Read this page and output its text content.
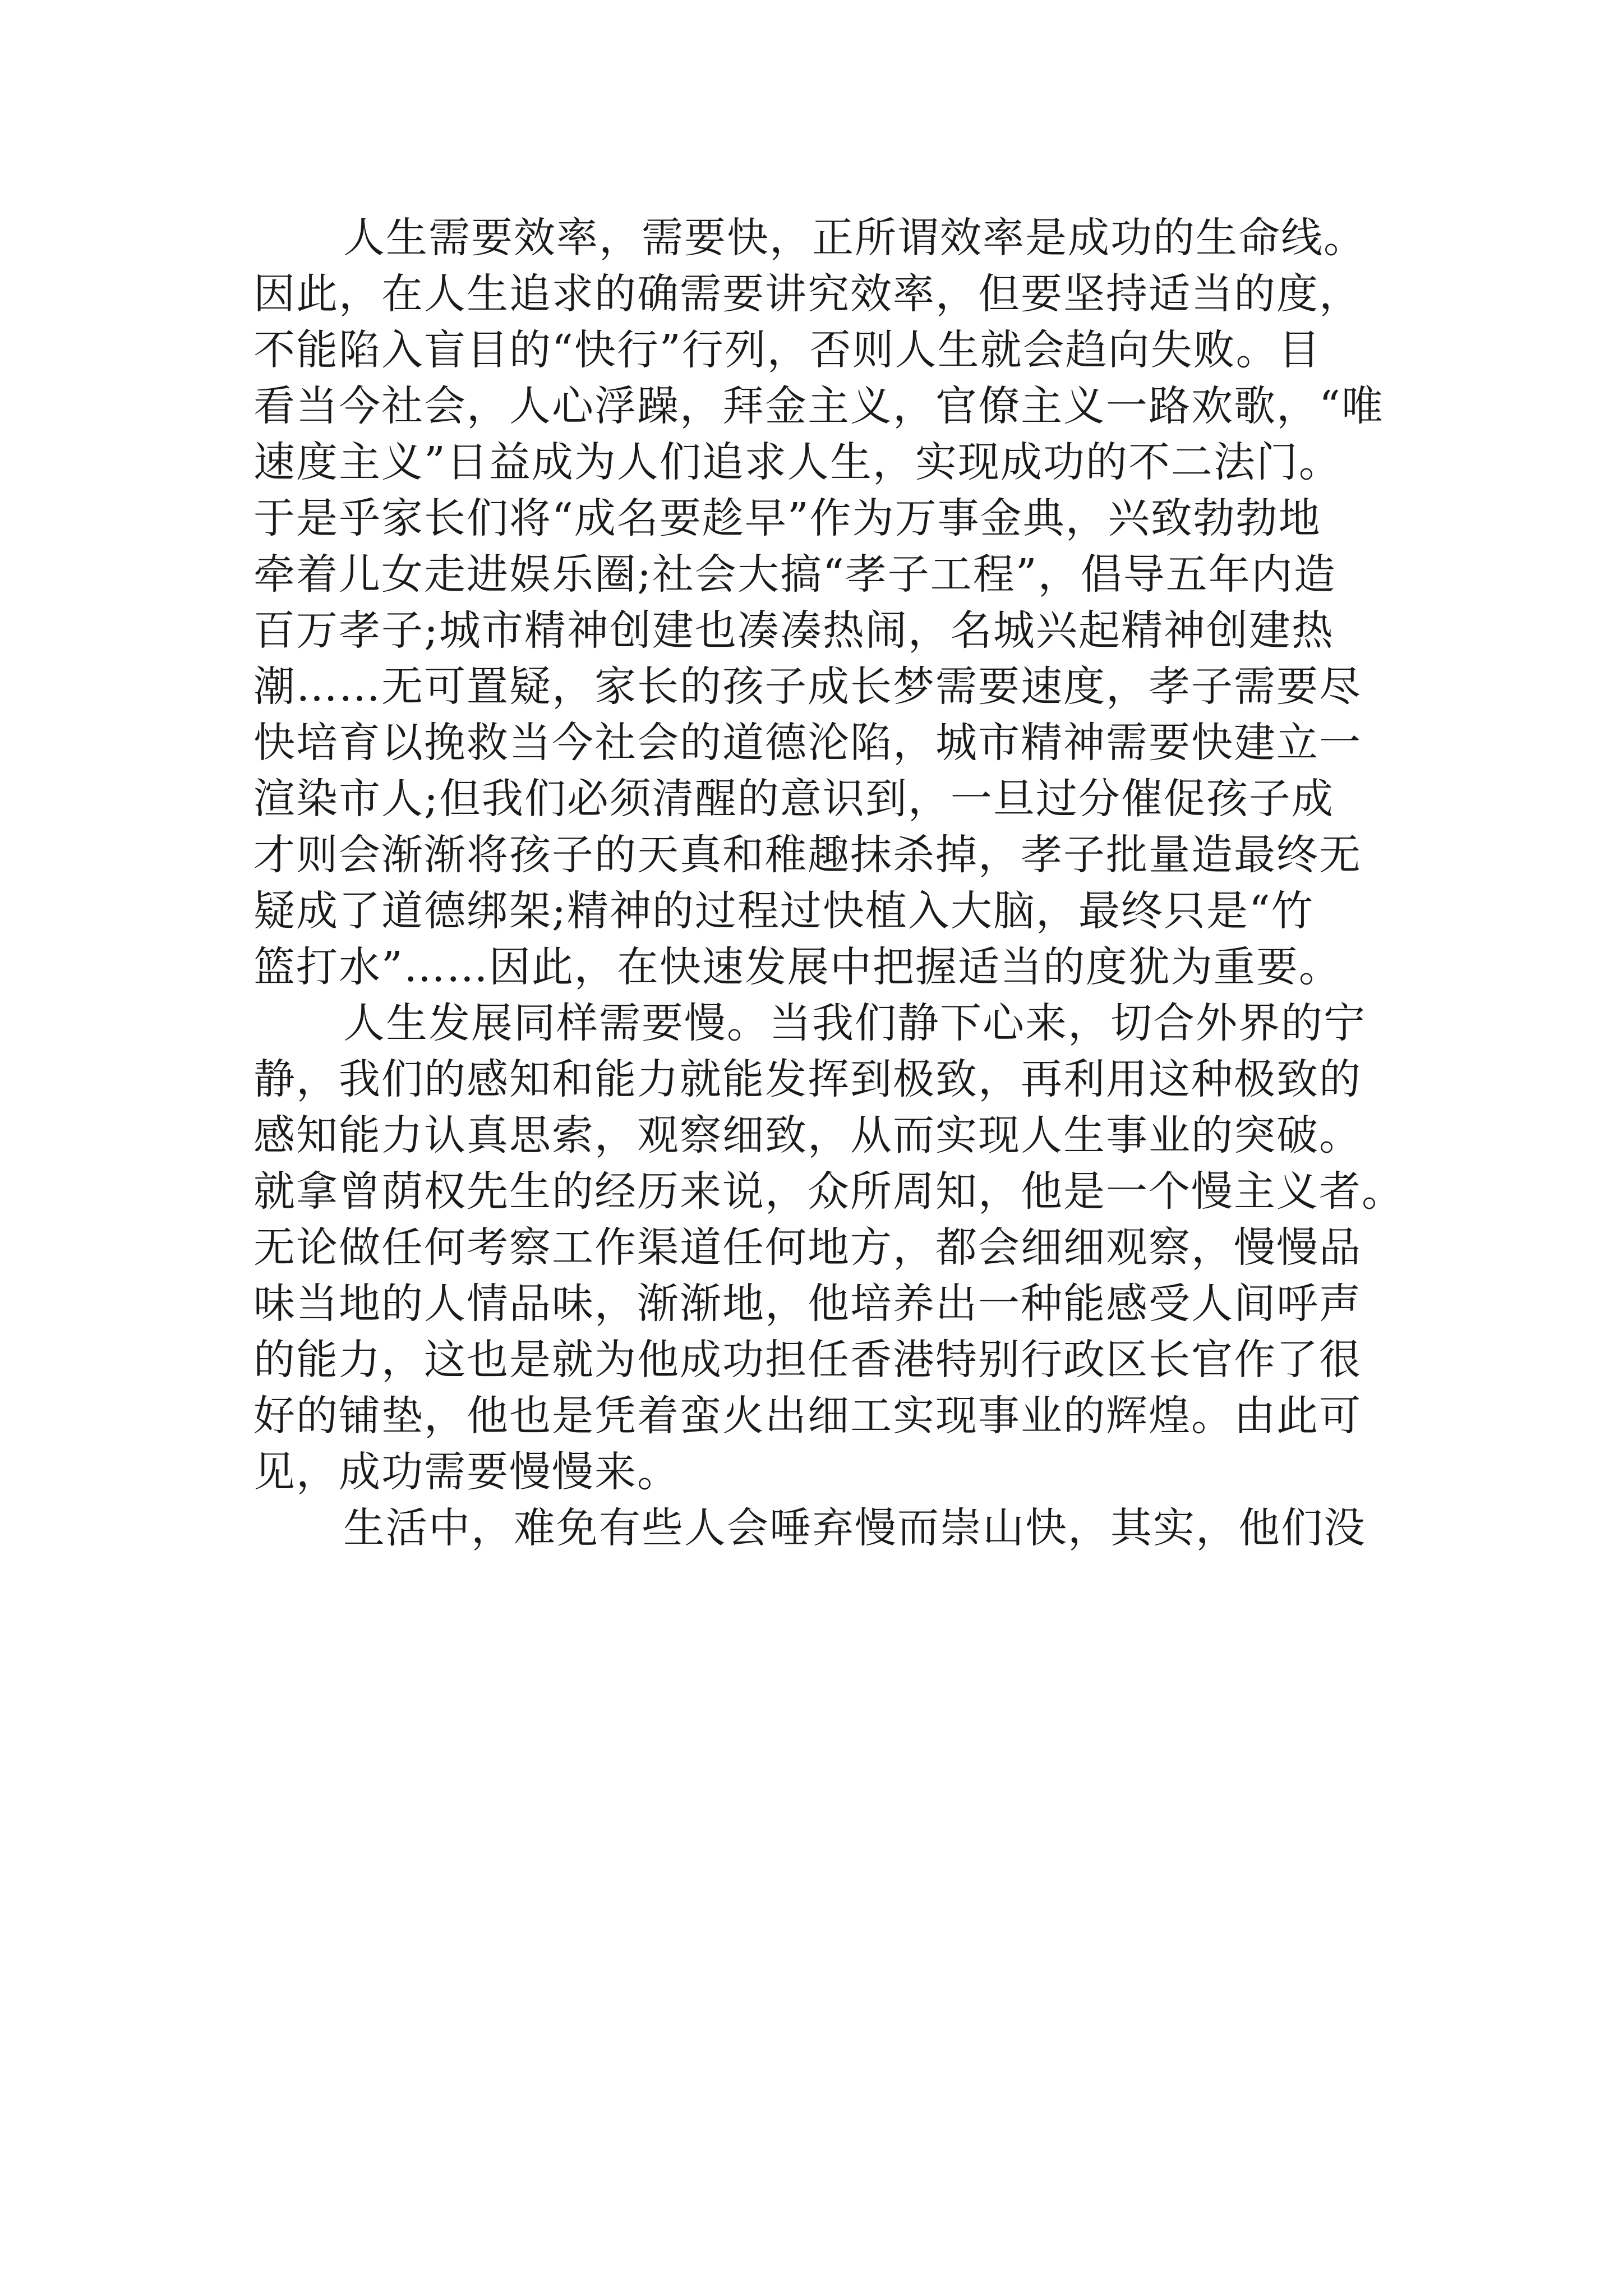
人生需要效率，需要快，正所谓效率是成功的生命线。
因此，在人生追求的确需要讲究效率，但要坚持适当的度，
不能陷入盲目的“快行”行列，否则人生就会趋向失败。目
看当今社会，人心浮躁，拜金主义，官僚主义一路欢歌，“唯
速度主义”日益成为人们追求人生，实现成功的不二法门。
于是乎家长们将“成名要趁早”作为万事金典，兴致勃勃地
牵着儿女走进娱乐圈;社会大搞“孝子工程”，倡导五年内造
百万孝子;城市精神创建也凑凑热闹，名城兴起精神创建热
潮……无可置疑，家长的孩子成长梦需要速度，孝子需要尽
快培育以挽救当今社会的道德沦陷，城市精神需要快建立一
渲染市人;但我们必须清醒的意识到，一旦过分催促孩子成
才则会渐渐将孩子的天真和稚趣抹杀掉，孝子批量造最终无
疑成了道德绑架;精神的过程过快植入大脑，最终只是“竹
篮打水”……因此，在快速发展中把握适当的度犹为重要。
人生发展同样需要慢。当我们静下心来，切合外界的宁
静，我们的感知和能力就能发挥到极致，再利用这种极致的
感知能力认真思索，观察细致，从而实现人生事业的突破。
就拿曾荫权先生的经历来说，众所周知，他是一个慢主义者。
无论做任何考察工作渠道任何地方，都会细细观察，慢慢品
味当地的人情品味，渐渐地，他培养出一种能感受人间呼声
的能力，这也是就为他成功担任香港特别行政区长官作了很
好的铺垫，他也是凭着蛮火出细工实现事业的辉煌。由此可
见，成功需要慢慢来。
生活中，难免有些人会唾弃慢而崇山快，其实，他们没
